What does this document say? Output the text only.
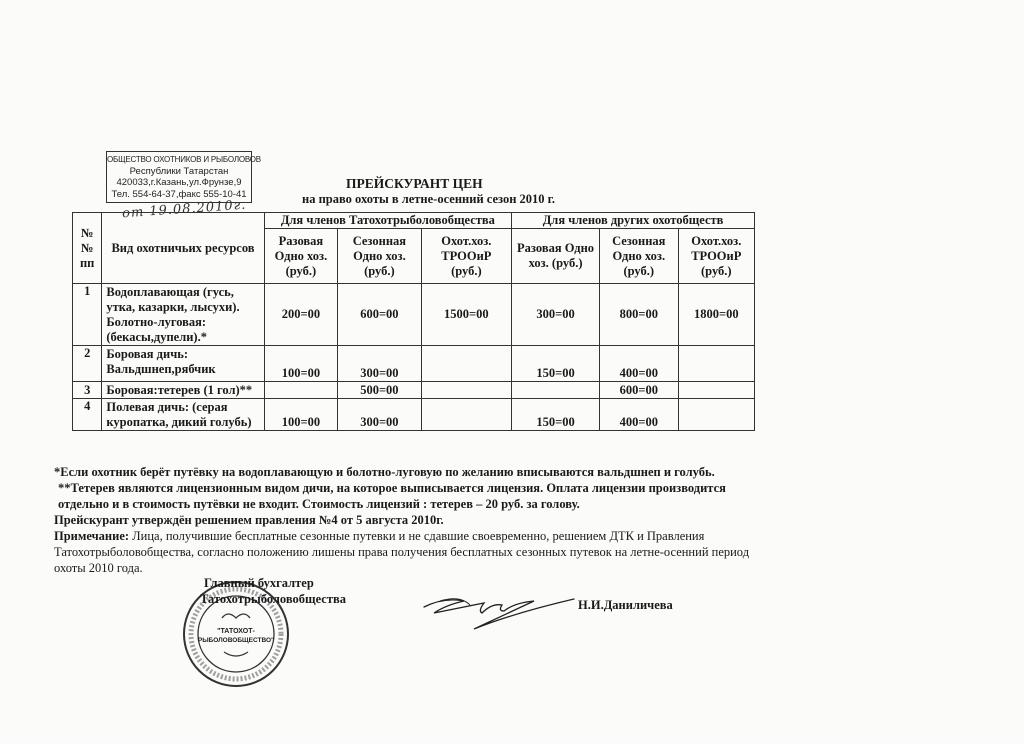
ОБЩЕСТВО ОХОТНИКОВ И РЫБОЛОВОВ
Республики Татарстан
420033,г.Казань,ул.Фрунзе,9
Тел. 554-64-37,факс 555-10-41
от 19.08.2010г.
ПРЕЙСКУРАНТ ЦЕН
на право охоты в летне-осенний сезон 2010 г.
№ № пп	Вид охотничьих ресурсов	Для членов Татохотрыболовобщества			Для членов других охотобществ		
		Разовая Одно хоз. (руб.)	Сезонная Одно хоз. (руб.)	Охот.хоз. ТРООиР (руб.)	Разовая Одно хоз. (руб.)	Сезонная Одно хоз. (руб.)	Охот.хоз. ТРООиР (руб.)
1	Водоплавающая (гусь, утка, казарки, лысухи). Болотно-луговая: (бекасы,дупели).*	200=00	600=00	1500=00	300=00	800=00	1800=00
2	Боровая дичь: Вальдшнеп,рябчик	100=00	300=00		150=00	400=00	
3	Боровая:тетерев (1 гол)**		500=00			600=00	
4	Полевая дичь: (серая куропатка, дикий голубь)	100=00	300=00		150=00	400=00	

*Если охотник берёт путёвку на водоплавающую и болотно-луговую по желанию вписываются вальдшнеп и голубь.

**Тетерев являются лицензионным видом дичи, на которое выписывается лицензия. Оплата лицензии производится отдельно и в стоимость путёвки не входит. Стоимость лицензий : тетерев – 20 руб. за голову.

Прейскурант утверждён решением правления №4 от 5 августа 2010г.

Примечание: Лица, получившие бесплатные сезонные путевки и не сдавшие своевременно, решением ДТК и Правления Татохотрыболовобщества, согласно положению лишены права получения бесплатных сезонных путевок на летне-осенний период охоты 2010 года.

"ТАТОХОТ-
РЫБОЛОВОБЩЕСТВО"
Главный бухгалтер
Татохотрыболовобщества	Н.И.Даниличева
